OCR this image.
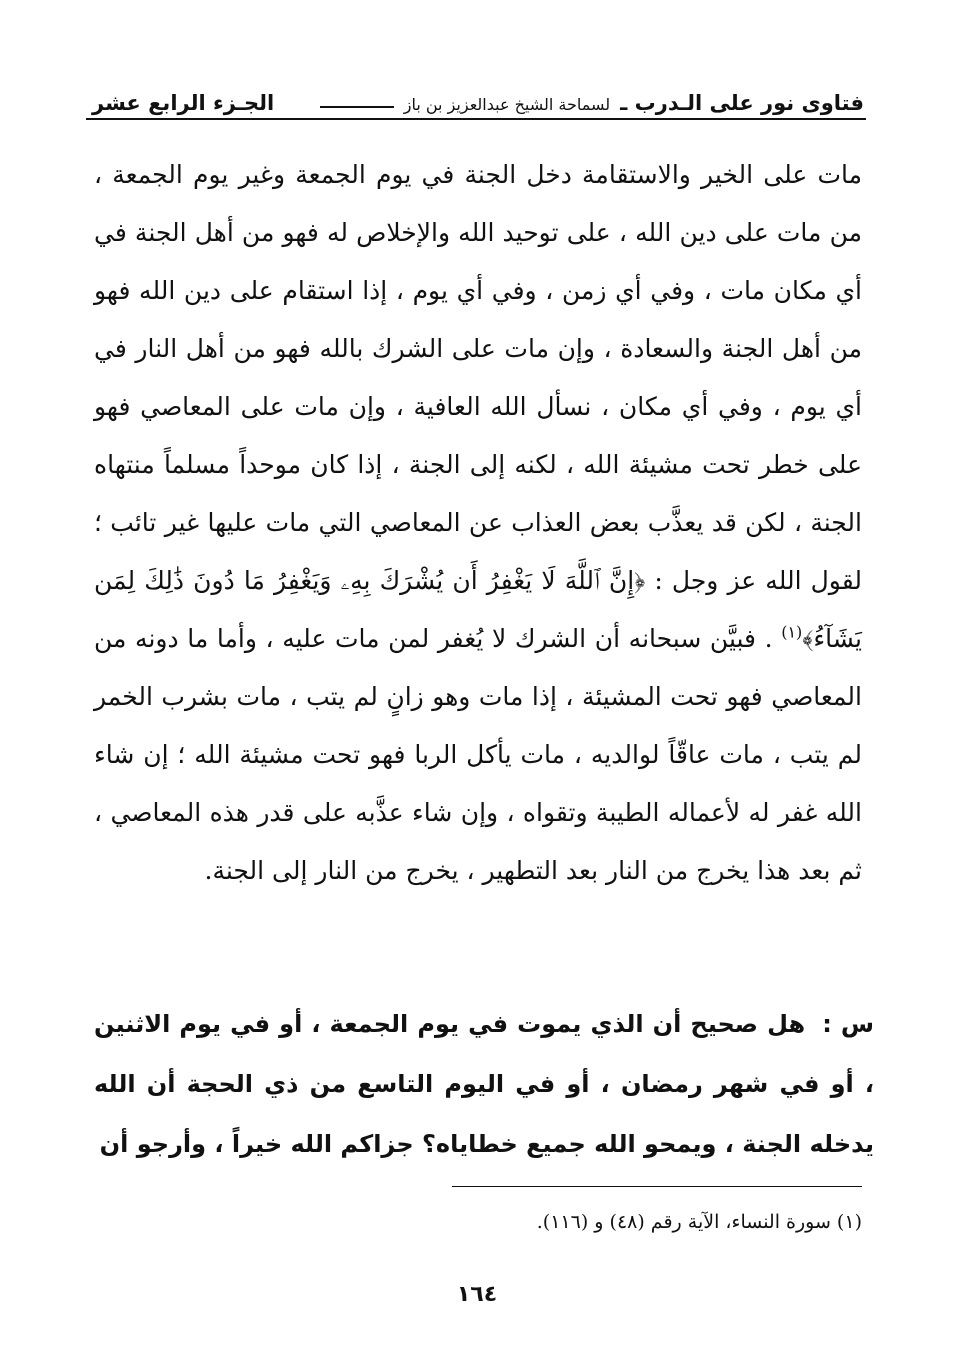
فتاوى نور على الـدرب ـ
لسماحة الشيخ عبدالعزيز بن باز
الجـزء الرابع عشر

مات على الخير والاستقامة دخل الجنة في يوم الجمعة وغير يوم الجمعة ، من مات على دين الله ، على توحيد الله والإخلاص له فهو من أهل الجنة في أي مكان مات ، وفي أي زمن ، وفي أي يوم ، إذا استقام على دين الله فهو من أهل الجنة والسعادة ، وإن مات على الشرك بالله فهو من أهل النار في أي يوم ، وفي أي مكان ، نسأل الله العافية ، وإن مات على المعاصي فهو على خطر تحت مشيئة الله ، لكنه إلى الجنة ، إذا كان موحداً مسلماً منتهاه الجنة ، لكن قد يعذَّب بعض العذاب عن المعاصي التي مات عليها غير تائب ؛ لقول الله عز وجل : ﴿إِنَّ ٱللَّهَ لَا يَغْفِرُ أَن يُشْرَكَ بِهِۦ وَيَغْفِرُ مَا دُونَ ذَٰلِكَ لِمَن يَشَآءُ﴾$^{(١)}$ . فبيَّن سبحانه أن الشرك لا يُغفر لمن مات عليه ، وأما ما دونه من المعاصي فهو تحت المشيئة ، إذا مات وهو زانٍ لم يتب ، مات بشرب الخمر لم يتب ، مات عاقّاً لوالديه ، مات يأكل الربا فهو تحت مشيئة الله ؛ إن شاء الله غفر له لأعماله الطيبة وتقواه ، وإن شاء عذَّبه على قدر هذه المعاصي ، ثم بعد هذا يخرج من النار بعد التطهير ، يخرج من النار إلى الجنة.

س : هل صحيح أن الذي يموت في يوم الجمعة ، أو في يوم الاثنين ، أو في شهر رمضان ، أو في اليوم التاسع من ذي الحجة أن الله يدخله الجنة ، ويمحو الله جميع خطاياه؟ جزاكم الله خيراً ، وأرجو أن

(١) سورة النساء، الآية رقم (٤٨) و (١١٦).
١٦٤
